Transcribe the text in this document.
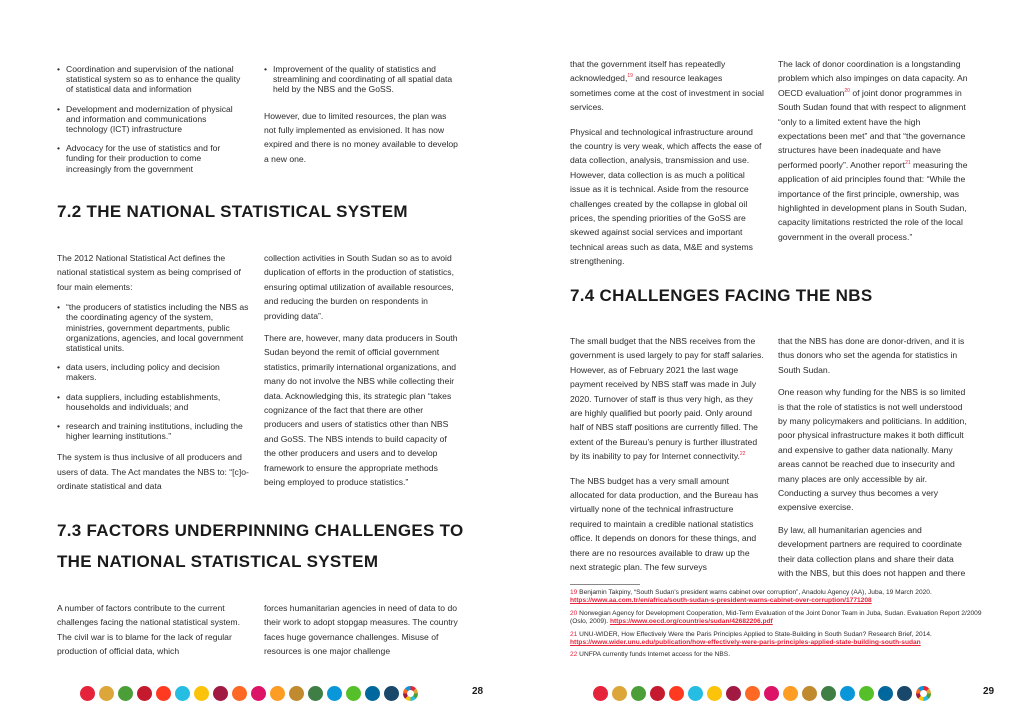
• Coordination and supervision of the national statistical system so as to enhance the quality of statistical data and information
• Development and modernization of physical and information and communications technology (ICT) infrastructure
• Advocacy for the use of statistics and for funding for their production to come increasingly from the government
• Improvement of the quality of statistics and streamlining and coordinating of all spatial data held by the NBS and the GoSS.

However, due to limited resources, the plan was not fully implemented as envisioned. It has now expired and there is no money available to develop a new one.

7.2 THE NATIONAL STATISTICAL SYSTEM

The 2012 National Statistical Act defines the national statistical system as being comprised of four main elements:

• “the producers of statistics including the NBS as the coordinating agency of the system, ministries, government departments, public organizations, agencies, and local government statistical units.
• data users, including policy and decision makers.
• data suppliers, including establishments, households and individuals; and
• research and training institutions, including the higher learning institutions.”

The system is thus inclusive of all producers and users of data. The Act mandates the NBS to: “[c]o-ordinate statistical and data

collection activities in South Sudan so as to avoid duplication of efforts in the production of statistics, ensuring optimal utilization of available resources, and reducing the burden on respondents in providing data”.

There are, however, many data producers in South Sudan beyond the remit of official government statistics, primarily international organizations, and many do not involve the NBS while collecting their data. Acknowledging this, its strategic plan “takes cognizance of the fact that there are other producers and users of statistics other than NBS and GoSS. The NBS intends to build capacity of the other producers and users and to develop framework to ensure the appropriate methods being employed to produce statistics.”

7.3 FACTORS UNDERPINNING CHALLENGES TO
THE NATIONAL STATISTICAL SYSTEM

A number of factors contribute to the current challenges facing the national statistical system. The civil war is to blame for the lack of regular production of official data, which

forces humanitarian agencies in need of data to do their work to adopt stopgap measures. The country faces huge governance challenges. Misuse of resources is one major challenge

28

that the government itself has repeatedly acknowledged,$^{19}$ and resource leakages sometimes come at the cost of investment in social services.

Physical and technological infrastructure around the country is very weak, which affects the ease of data collection, analysis, transmission and use. However, data collection is as much a political issue as it is technical. Aside from the resource challenges created by the collapse in global oil prices, the spending priorities of the GoSS are skewed against social services and important technical areas such as data, M&E and systems strengthening.

The lack of donor coordination is a longstanding problem which also impinges on data capacity. An OECD evaluation$^{20}$ of joint donor programmes in South Sudan found that with respect to alignment “only to a limited extent have the high expectations been met” and that “the governance structures have been inadequate and have performed poorly”. Another report$^{21}$ measuring the application of aid principles found that: “While the importance of the first principle, ownership, was highlighted in development plans in South Sudan, capacity limitations restricted the role of the local government in the overall process.”

7.4 CHALLENGES FACING THE NBS

The small budget that the NBS receives from the government is used largely to pay for staff salaries. However, as of February 2021 the last wage payment received by NBS staff was made in July 2020. Turnover of staff is thus very high, as they are highly qualified but poorly paid. Only around half of NBS staff positions are currently filled. The extent of the Bureau’s penury is further illustrated by its inability to pay for Internet connectivity.$^{22}$

The NBS budget has a very small amount allocated for data production, and the Bureau has virtually none of the technical infrastructure required to maintain a credible national statistics office. It depends on donors for these things, and there are no resources available to draw up the next strategic plan. The few surveys

that the NBS has done are donor-driven, and it is thus donors who set the agenda for statistics in South Sudan.

One reason why funding for the NBS is so limited is that the role of statistics is not well understood by many policymakers and politicians. In addition, poor physical infrastructure makes it both difficult and expensive to gather data nationally. Many areas cannot be reached due to insecurity and many places are only accessible by air. Conducting a survey thus becomes a very expensive exercise.

By law, all humanitarian agencies and development partners are required to coordinate their data collection plans and share their data with the NBS, but this does not happen and there

19 Benjamin Takpiny, “South Sudan’s president warns cabinet over corruption”, Anadolu Agency (AA), Juba, 19 March 2020. https://www.aa.com.tr/en/africa/south-sudan-s-president-warns-cabinet-over-corruption/1771208
20 Norwegian Agency for Development Cooperation, Mid-Term Evaluation of the Joint Donor Team in Juba, Sudan. Evaluation Report 2/2009 (Oslo, 2009). https://www.oecd.org/countries/sudan/42682206.pdf
21 UNU-WIDER, How Effectively Were the Paris Principles Applied to State-Building in South Sudan? Research Brief, 2014. https://www.wider.unu.edu/publication/how-effectively-were-paris-principles-applied-state-building-south-sudan
22 UNFPA currently funds Internet access for the NBS.
29
